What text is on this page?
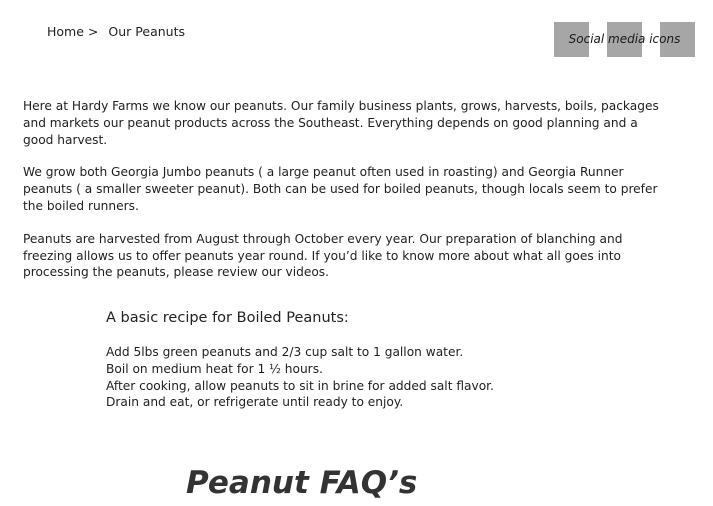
Home > Our Peanuts	Social media icons

Here at Hardy Farms we know our peanuts. Our family business plants, grows, harvests, boils, packages and markets our peanut products across the Southeast. Everything depends on good planning and a good harvest.

We grow both Georgia Jumbo peanuts ( a large peanut often used in roasting) and Georgia Runner peanuts ( a smaller sweeter peanut). Both can be used for boiled peanuts, though locals seem to prefer the boiled runners.

Peanuts are harvested from August through October every year. Our preparation of blanching and freezing allows us to offer peanuts year round. If you’d like to know more about what all goes into processing the peanuts, please review our videos.

A basic recipe for Boiled Peanuts:
Add 5lbs green peanuts and 2/3 cup salt to 1 gallon water.
Boil on medium heat for 1 ½ hours.
After cooking, allow peanuts to sit in brine for added salt flavor.
Drain and eat, or refrigerate until ready to enjoy.
Peanut FAQ’s
